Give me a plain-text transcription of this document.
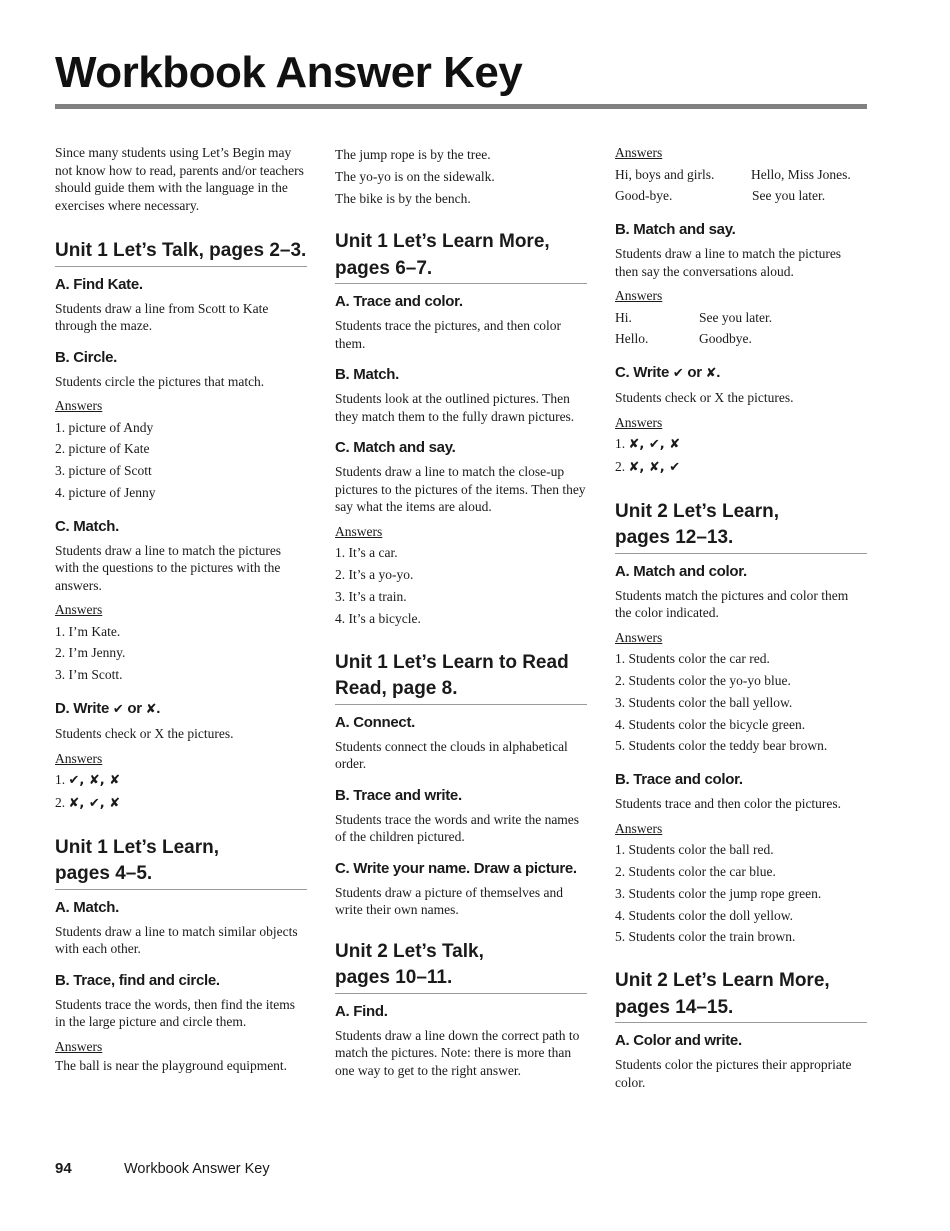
Workbook Answer Key

Since many students using Let’s Begin may not know how to read, parents and/or teachers should guide them with the language in the exercises where necessary.

Unit 1 Let’s Talk, pages 2–3.
A. Find Kate.

Students draw a line from Scott to Kate through the maze.

B. Circle.

Students circle the pictures that match.

Answers
1. picture of Andy
2. picture of Kate
3. picture of Scott
4. picture of Jenny
C. Match.

Students draw a line to match the pictures with the questions to the pictures with the answers.

Answers
1. I’m Kate.
2. I’m Jenny.
3. I’m Scott.
D. Write ✔ or ✘.

Students check or X the pictures.

Answers
1. ✔, ✘, ✘
2. ✘, ✔, ✘
Unit 1 Let’s Learn,
pages 4–5.
A. Match.

Students draw a line to match similar objects with each other.

B. Trace, find and circle.

Students trace the words, then find the items in the large picture and circle them.

Answers

The ball is near the playground equipment.

The jump rope is by the tree.
The yo-yo is on the sidewalk.
The bike is by the bench.
Unit 1 Let’s Learn More,
pages 6–7.
A. Trace and color.

Students trace the pictures, and then color them.

B. Match.

Students look at the outlined pictures. Then they match them to the fully drawn pictures.

C. Match and say.

Students draw a line to match the close-up pictures to the pictures of the items. Then they say what the items are aloud.

Answers
1. It’s a car.
2. It’s a yo-yo.
3. It’s a train.
4. It’s a bicycle.
Unit 1 Let’s Learn to Read
Read, page 8.
A. Connect.

Students connect the clouds in alphabetical order.

B. Trace and write.

Students trace the words and write the names of the children pictured.

C. Write your name. Draw a picture.

Students draw a picture of themselves and write their own names.

Unit 2 Let’s Talk,
pages 10–11.
A. Find.

Students draw a line down the correct path to match the pictures. Note: there is more than one way to get to the right answer.

Answers
Hi, boys and girls.	Hello, Miss Jones.
Good-bye.	See you later.
B. Match and say.

Students draw a line to match the pictures then say the conversations aloud.

Answers
Hi.	See you later.
Hello.	Goodbye.
C. Write ✔ or ✘.

Students check or X the pictures.

Answers
1. ✘, ✔, ✘
2. ✘, ✘, ✔
Unit 2 Let’s Learn,
pages 12–13.
A. Match and color.

Students match the pictures and color them the color indicated.

Answers
1. Students color the car red.
2. Students color the yo-yo blue.
3. Students color the ball yellow.
4. Students color the bicycle green.
5. Students color the teddy bear brown.
B. Trace and color.

Students trace and then color the pictures.

Answers
1. Students color the ball red.
2. Students color the car blue.
3. Students color the jump rope green.
4. Students color the doll yellow.
5. Students color the train brown.
Unit 2 Let’s Learn More,
pages 14–15.
A. Color and write.

Students color the pictures their appropriate color.

94	Workbook Answer Key
